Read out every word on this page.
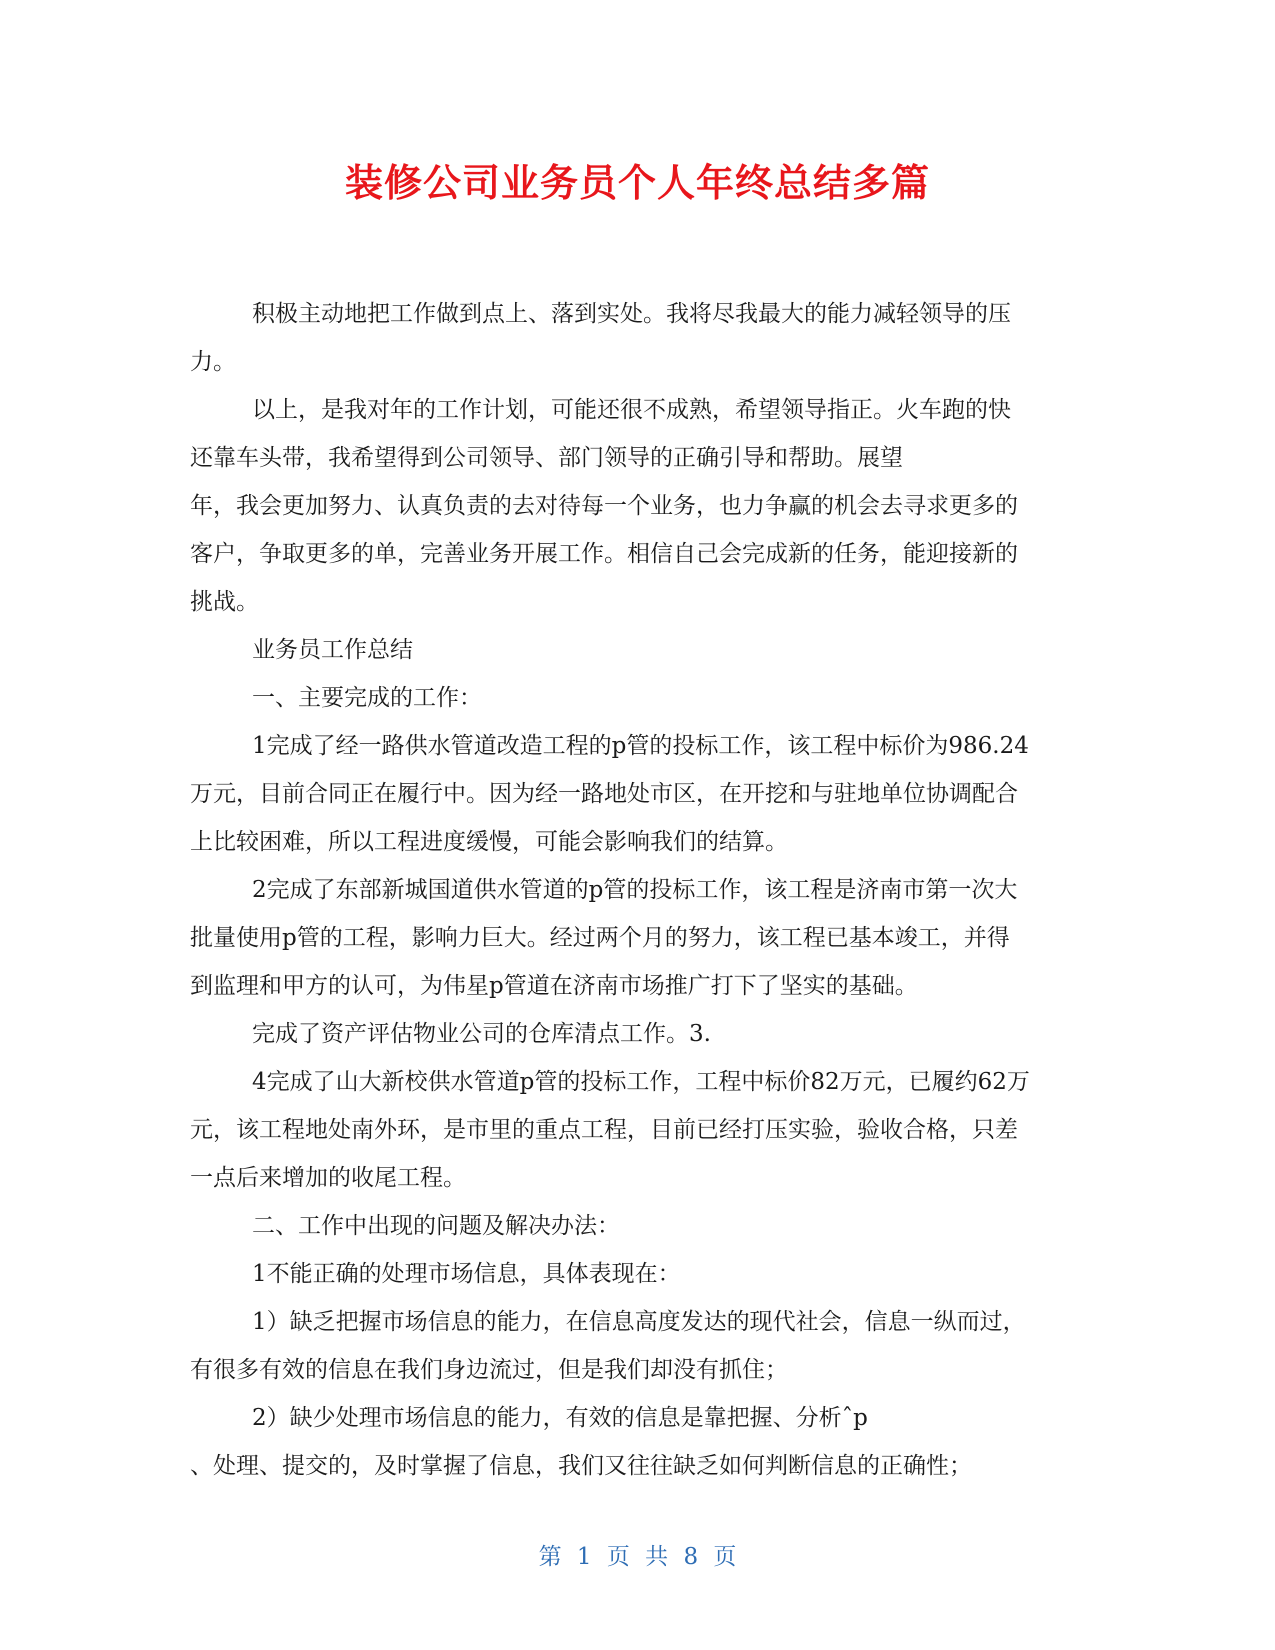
装修公司业务员个人年终总结多篇
积极主动地把工作做到点上、落到实处。我将尽我最大的能力减轻领导的压
力。
以上，是我对年的工作计划，可能还很不成熟，希望领导指正。火车跑的快
还靠车头带，我希望得到公司领导、部门领导的正确引导和帮助。展望
年，我会更加努力、认真负责的去对待每一个业务，也力争赢的机会去寻求更多的
客户，争取更多的单，完善业务开展工作。相信自己会完成新的任务，能迎接新的
挑战。
业务员工作总结
一、主要完成的工作：
1完成了经一路供水管道改造工程的p管的投标工作，该工程中标价为986.24
万元，目前合同正在履行中。因为经一路地处市区，在开挖和与驻地单位协调配合
上比较困难，所以工程进度缓慢，可能会影响我们的结算。
2完成了东部新城国道供水管道的p管的投标工作，该工程是济南市第一次大
批量使用p管的工程，影响力巨大。经过两个月的努力，该工程已基本竣工，并得
到监理和甲方的认可，为伟星p管道在济南市场推广打下了坚实的基础。
完成了资产评估物业公司的仓库清点工作。3.
4完成了山大新校供水管道p管的投标工作，工程中标价82万元，已履约62万
元，该工程地处南外环，是市里的重点工程，目前已经打压实验，验收合格，只差
一点后来增加的收尾工程。
二、工作中出现的问题及解决办法：
1不能正确的处理市场信息，具体表现在：
1）缺乏把握市场信息的能力，在信息高度发达的现代社会，信息一纵而过，
有很多有效的信息在我们身边流过，但是我们却没有抓住；
2）缺少处理市场信息的能力，有效的信息是靠把握、分析ˆp
、处理、提交的，及时掌握了信息，我们又往往缺乏如何判断信息的正确性；
第 1 页 共 8 页
